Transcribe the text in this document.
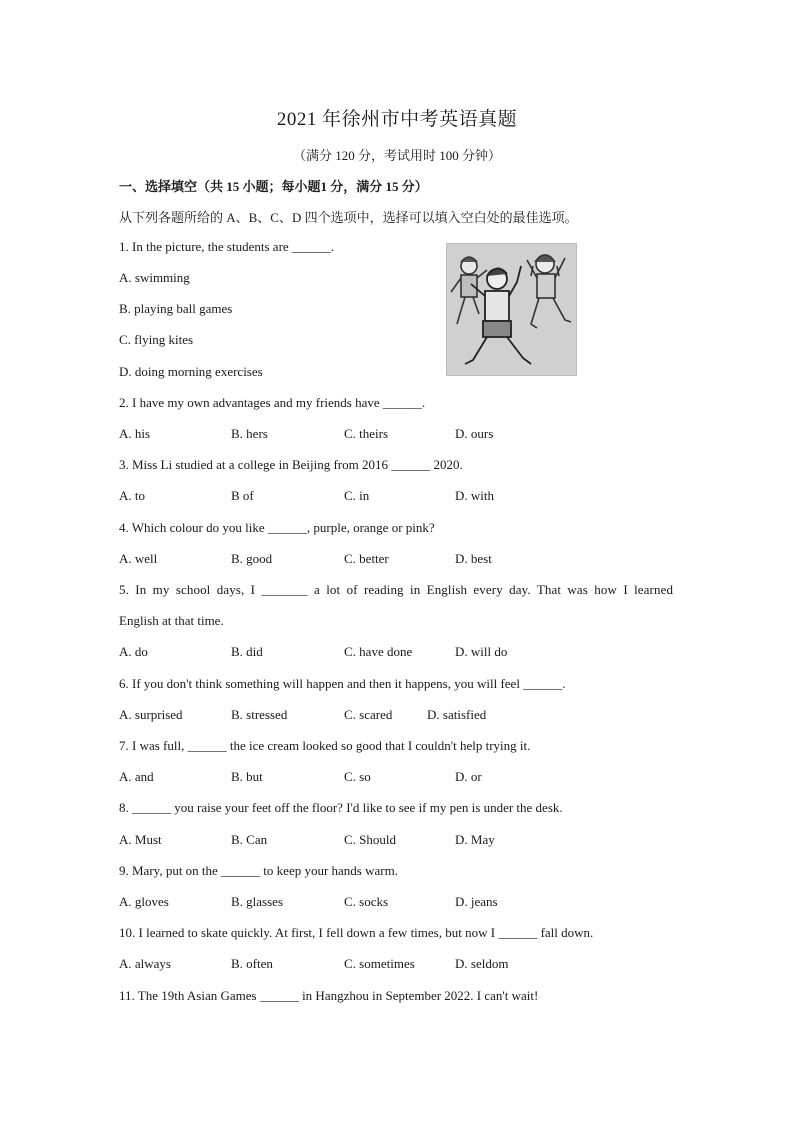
2021 年徐州市中考英语真题
（满分 120 分，考试用时 100 分钟）
一、选择填空（共 15 小题；每小题1 分，满分 15 分）
从下列各题所给的 A、B、C、D 四个选项中，选择可以填入空白处的最佳选项。
1. In the picture, the students are ______.
A. swimming
B. playing ball games
C. flying kites
D. doing morning exercises
2. I have my own advantages and my friends have ______.
A. his	B. hers	C. theirs	D. ours
3. Miss Li studied at a college in Beijing from 2016 ______ 2020.
A. to	B of	C. in	D. with
4. Which colour do you like ______, purple, orange or pink?
A. well	B. good	C. better	D. best
5. In my school days, I _______ a lot of reading in English every day. That was how I learned
English at that time.
A. do	B. did	C. have done	D. will do
6. If you don't think something will happen and then it happens, you will feel ______.
A. surprised	B. stressed	C. scared	D. satisfied
7. I was full, ______ the ice cream looked so good that I couldn't help trying it.
A. and	B. but	C. so	D. or
8. ______ you raise your feet off the floor? I'd like to see if my pen is under the desk.
A. Must	B. Can	C. Should	D. May
9. Mary, put on the ______ to keep your hands warm.
A. gloves	B. glasses	C. socks	D. jeans
10. I learned to skate quickly. At first, I fell down a few times, but now I ______ fall down.
A. always	B. often	C. sometimes	D. seldom
11. The 19th Asian Games ______ in Hangzhou in September 2022. I can't wait!
